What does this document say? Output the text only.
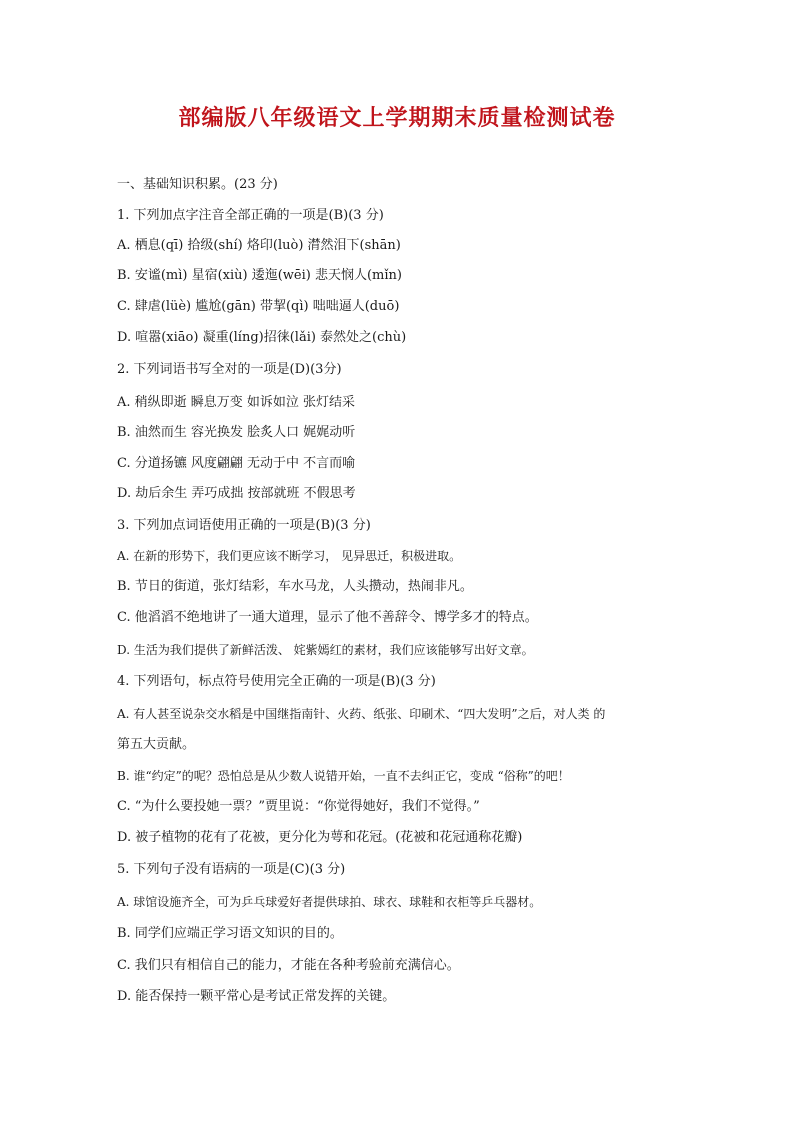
部编版八年级语文上学期期末质量检测试卷
一、基础知识积累。(23 分)
1. 下列加点字注音全部正确的一项是(B)(3 分)
A. 栖息(qī) 拾级(shí) 烙印(luò) 潸然泪下(shān)
B. 安谧(mì) 星宿(xiù) 逶迤(wēi) 悲天悯人(mǐn)
C. 肆虐(lüè) 尴尬(gān) 带挈(qì) 咄咄逼人(duō)
D. 喧嚣(xiāo) 凝重(líng)招徕(lǎi) 泰然处之(chù)
2. 下列词语书写全对的一项是(D)(3分)
A. 稍纵即逝 瞬息万变 如诉如泣 张灯结采
B. 油然而生 容光换发 脍炙人口 娓娓动听
C. 分道扬镳 风度翩翩 无动于中 不言而喻
D. 劫后余生 弄巧成拙 按部就班 不假思考
3. 下列加点词语使用正确的一项是(B)(3 分)
A. 在新的形势下，我们更应该不断学习， 见异思迁，积极进取。
B. 节日的街道，张灯结彩，车水马龙，人头攒动，热闹非凡。
C. 他滔滔不绝地讲了一通大道理，显示了他不善辞令、博学多才的特点。
D. 生活为我们提供了新鲜活泼、 姹紫嫣红的素材，我们应该能够写出好文章。
4. 下列语句，标点符号使用完全正确的一项是(B)(3 分)
A. 有人甚至说杂交水稻是中国继指南针、火药、纸张、印刷术、“四大发明”之后，对人类 的
第五大贡献。
B. 谁“约定”的呢？恐怕总是从少数人说错开始，一直不去纠正它，变成 “俗称”的吧！
C. “为什么要投她一票？”贾里说：“你觉得她好，我们不觉得。”
D. 被子植物的花有了花被，更分化为萼和花冠。(花被和花冠通称花瓣)
5. 下列句子没有语病的一项是(C)(3 分)
A. 球馆设施齐全，可为乒乓球爱好者提供球拍、球衣、球鞋和衣柜等乒乓器材。
B. 同学们应端正学习语文知识的目的。
C. 我们只有相信自己的能力，才能在各种考验前充满信心。
D. 能否保持一颗平常心是考试正常发挥的关键。
